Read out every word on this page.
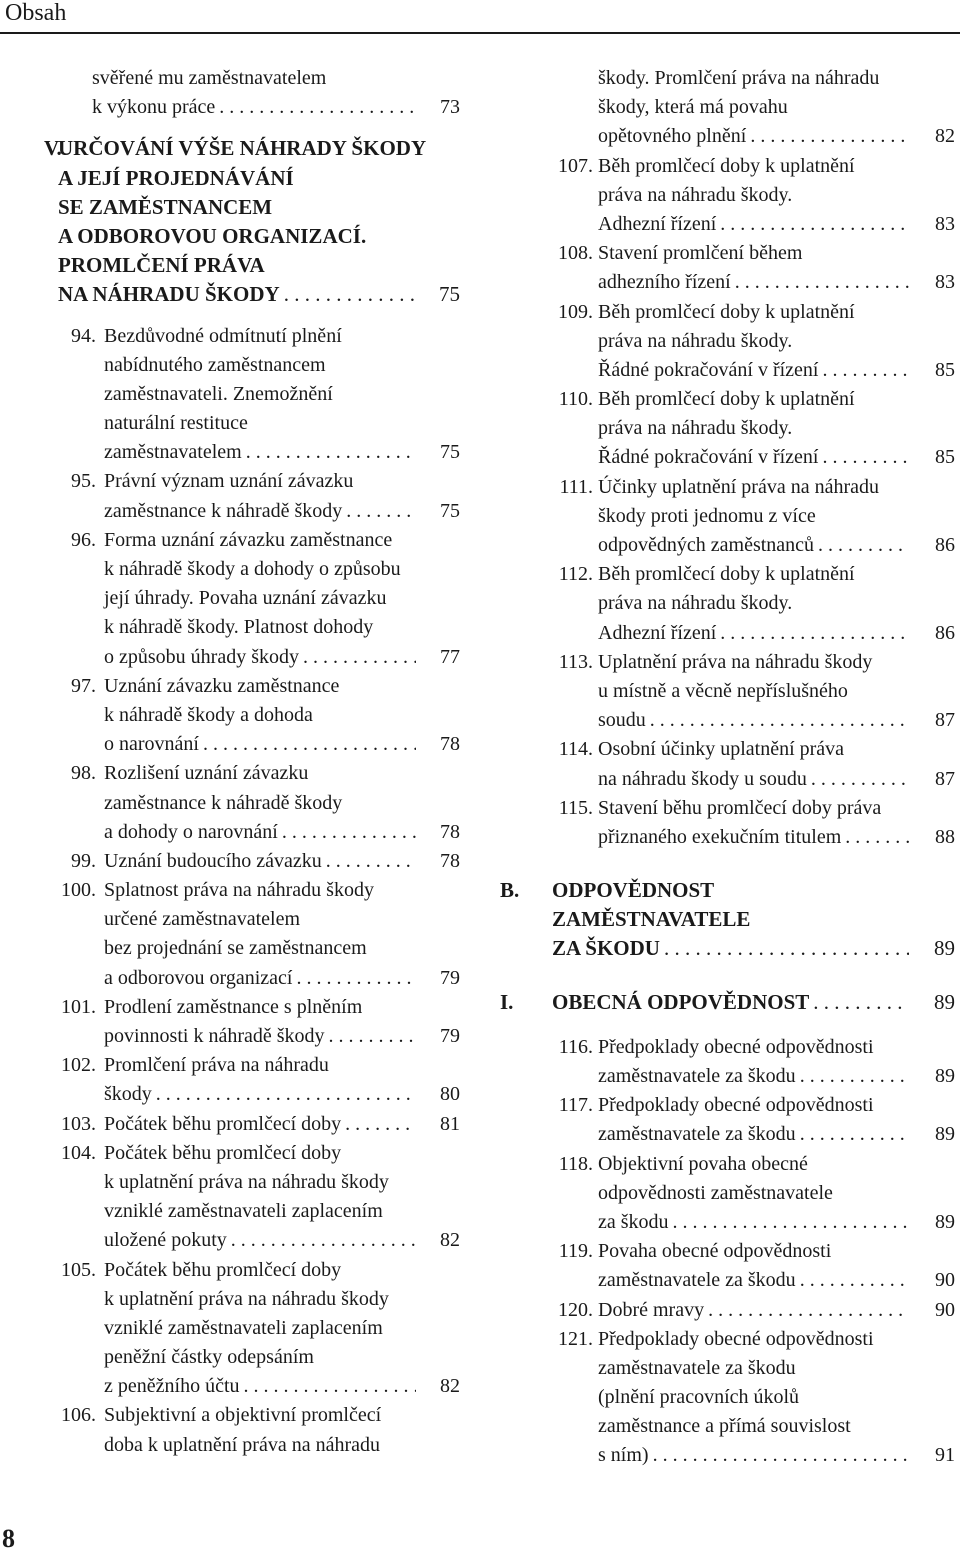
Obsah
svěřené mu zaměstnavatelem
k výkonu práce . . .	73
V.
URČOVÁNÍ VÝŠE NÁHRADY ŠKODY
A JEJÍ PROJEDNÁVÁNÍ
SE ZAMĚSTNANCEM
A ODBOROVOU ORGANIZACÍ.
PROMLČENÍ PRÁVA
NA NÁHRADU ŠKODY . . .	75
94. Bezdůvodné odmítnutí plnění
nabídnutého zaměstnancem
zaměstnavateli. Znemožnění
naturální restituce
zaměstnavatelem . . .	75
95. Právní význam uznání závazku
zaměstnance k náhradě škody . . .	75
96. Forma uznání závazku zaměstnance
k náhradě škody a dohody o způsobu
její úhrady. Povaha uznání závazku
k náhradě škody. Platnost dohody
o způsobu úhrady škody . . .	77
97. Uznání závazku zaměstnance
k náhradě škody a dohoda
o narovnání . . .	78
98. Rozlišení uznání závazku
zaměstnance k náhradě škody
a dohody o narovnání . . .	78
99. Uznání budoucího závazku . . .	78
100. Splatnost práva na náhradu škody
určené zaměstnavatelem
bez projednání se zaměstnancem
a odborovou organizací . . .	79
101. Prodlení zaměstnance s plněním
povinnosti k náhradě škody . . .	79
102. Promlčení práva na náhradu
škody . . .	80
103. Počátek běhu promlčecí doby . . .	81
104. Počátek běhu promlčecí doby
k uplatnění práva na náhradu škody
vzniklé zaměstnavateli zaplacením
uložené pokuty . . .	82
105. Počátek běhu promlčecí doby
k uplatnění práva na náhradu škody
vzniklé zaměstnavateli zaplacením
peněžní částky odepsáním
z peněžního účtu . . .	82
106. Subjektivní a objektivní promlčecí
doba k uplatnění práva na náhradu
škody. Promlčení práva na náhradu
škody, která má povahu
opětovného plnění . . .	82
107. Běh promlčecí doby k uplatnění
práva na náhradu škody.
Adhezní řízení . . .	83
108. Stavení promlčení během
adhezního řízení . . .	83
109. Běh promlčecí doby k uplatnění
práva na náhradu škody.
Řádné pokračování v řízení . . .	85
110. Běh promlčecí doby k uplatnění
práva na náhradu škody.
Řádné pokračování v řízení . . .	85
111. Účinky uplatnění práva na náhradu
škody proti jednomu z více
odpovědných zaměstnanců . . .	86
112. Běh promlčecí doby k uplatnění
práva na náhradu škody.
Adhezní řízení . . .	86
113. Uplatnění práva na náhradu škody
u místně a věcně nepříslušného
soudu . . .	87
114. Osobní účinky uplatnění práva
na náhradu škody u soudu . . .	87
115. Stavení běhu promlčecí doby práva
přiznaného exekučním titulem . . .	88
B. ODPOVĚDNOST
ZAMĚSTNAVATELE
ZA ŠKODU . . .	89
I. OBECNÁ ODPOVĚDNOST . . .	89
116. Předpoklady obecné odpovědnosti
zaměstnavatele za škodu . . .	89
117. Předpoklady obecné odpovědnosti
zaměstnavatele za škodu . . .	89
118. Objektivní povaha obecné
odpovědnosti zaměstnavatele
za škodu . . .	89
119. Povaha obecné odpovědnosti
zaměstnavatele za škodu . . .	90
120. Dobré mravy . . .	90
121. Předpoklady obecné odpovědnosti
zaměstnavatele za škodu
(plnění pracovních úkolů
zaměstnance a přímá souvislost
s ním) . . .	91
8
